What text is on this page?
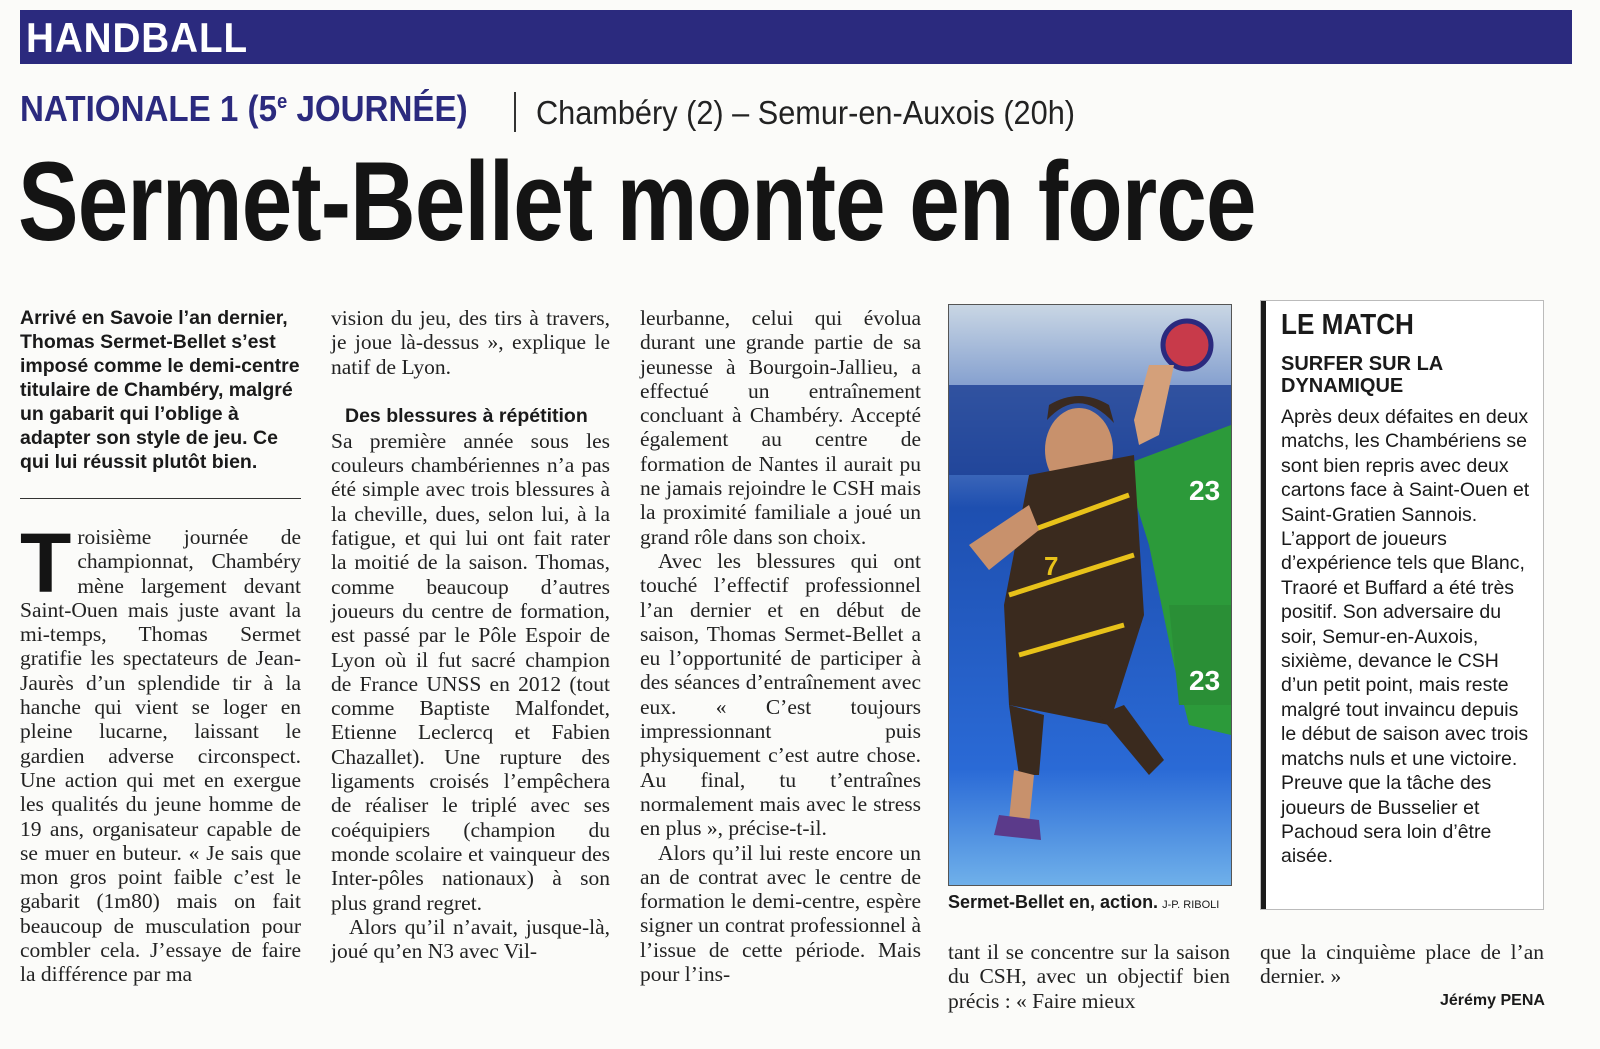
HANDBALL
NATIONALE 1 (5e JOURNÉE)	Chambéry (2) – Semur-en-Auxois (20h)
Sermet-Bellet monte en force

Arrivé en Savoie l’an dernier, Thomas Sermet-Bellet s’est imposé comme le demi-centre titulaire de Chambéry, malgré un gabarit qui l’oblige à adapter son style de jeu. Ce qui lui réussit plutôt bien.

Troisième journée de championnat, Chambéry mène largement devant Saint-Ouen mais juste avant la mi-temps, Thomas Sermet gratifie les spectateurs de Jean-Jaurès d’un splendide tir à la hanche qui vient se loger en pleine lucarne, laissant le gardien adverse circonspect. Une action qui met en exergue les qualités du jeune homme de 19 ans, organisateur capable de se muer en buteur. « Je sais que mon gros point faible c’est le gabarit (1m80) mais on fait beaucoup de musculation pour combler cela. J’essaye de faire la différence par ma

vision du jeu, des tirs à travers, je joue là-dessus », explique le natif de Lyon.

Des blessures à répétition

Sa première année sous les couleurs chambériennes n’a pas été simple avec trois blessures à la cheville, dues, selon lui, à la fatigue, et qui lui ont fait rater la moitié de la saison. Thomas, comme beaucoup d’autres joueurs du centre de formation, est passé par le Pôle Espoir de Lyon où il fut sacré champion de France UNSS en 2012 (tout comme Baptiste Malfondet, Etienne Leclercq et Fabien Chazallet). Une rupture des ligaments croisés l’empêchera de réaliser le triplé avec ses coéquipiers (champion du monde scolaire et vainqueur des Inter-pôles nationaux) à son plus grand regret.

Alors qu’il n’avait, jusque-là, joué qu’en N3 avec Vil-

leurbanne, celui qui évolua durant une grande partie de sa jeunesse à Bourgoin-Jallieu, a effectué un entraînement concluant à Chambéry. Accepté également au centre de formation de Nantes il aurait pu ne jamais rejoindre le CSH mais la proximité familiale a joué un grand rôle dans son choix.

Avec les blessures qui ont touché l’effectif professionnel l’an dernier et en début de saison, Thomas Sermet-Bellet a eu l’opportunité de participer à des séances d’entraînement avec eux. « C’est toujours impressionnant puis physiquement c’est autre chose. Au final, tu t’entraînes normalement mais avec le stress en plus », précise-t-il.

Alors qu’il lui reste encore un an de contrat avec le centre de formation le demi-centre, espère signer un contrat professionnel à l’issue de cette période. Mais pour l’ins-

23
23
7
Sermet-Bellet en, action. J-P. RIBOLI
LE MATCH
SURFER SUR LA DYNAMIQUE
Après deux défaites en deux matchs, les Chambériens se sont bien repris avec deux cartons face à Saint-Ouen et Saint-Gratien Sannois. L’apport de joueurs d’expérience tels que Blanc, Traoré et Buffard a été très positif. Son adversaire du soir, Semur-en-Auxois, sixième, devance le CSH d’un petit point, mais reste malgré tout invaincu depuis le début de saison avec trois matchs nuls et une victoire. Preuve que la tâche des joueurs de Busselier et Pachoud sera loin d’être aisée.
tant il se concentre sur la saison du CSH, avec un objectif bien précis : « Faire mieux
que la cinquième place de l’an dernier. »
Jérémy PENA
